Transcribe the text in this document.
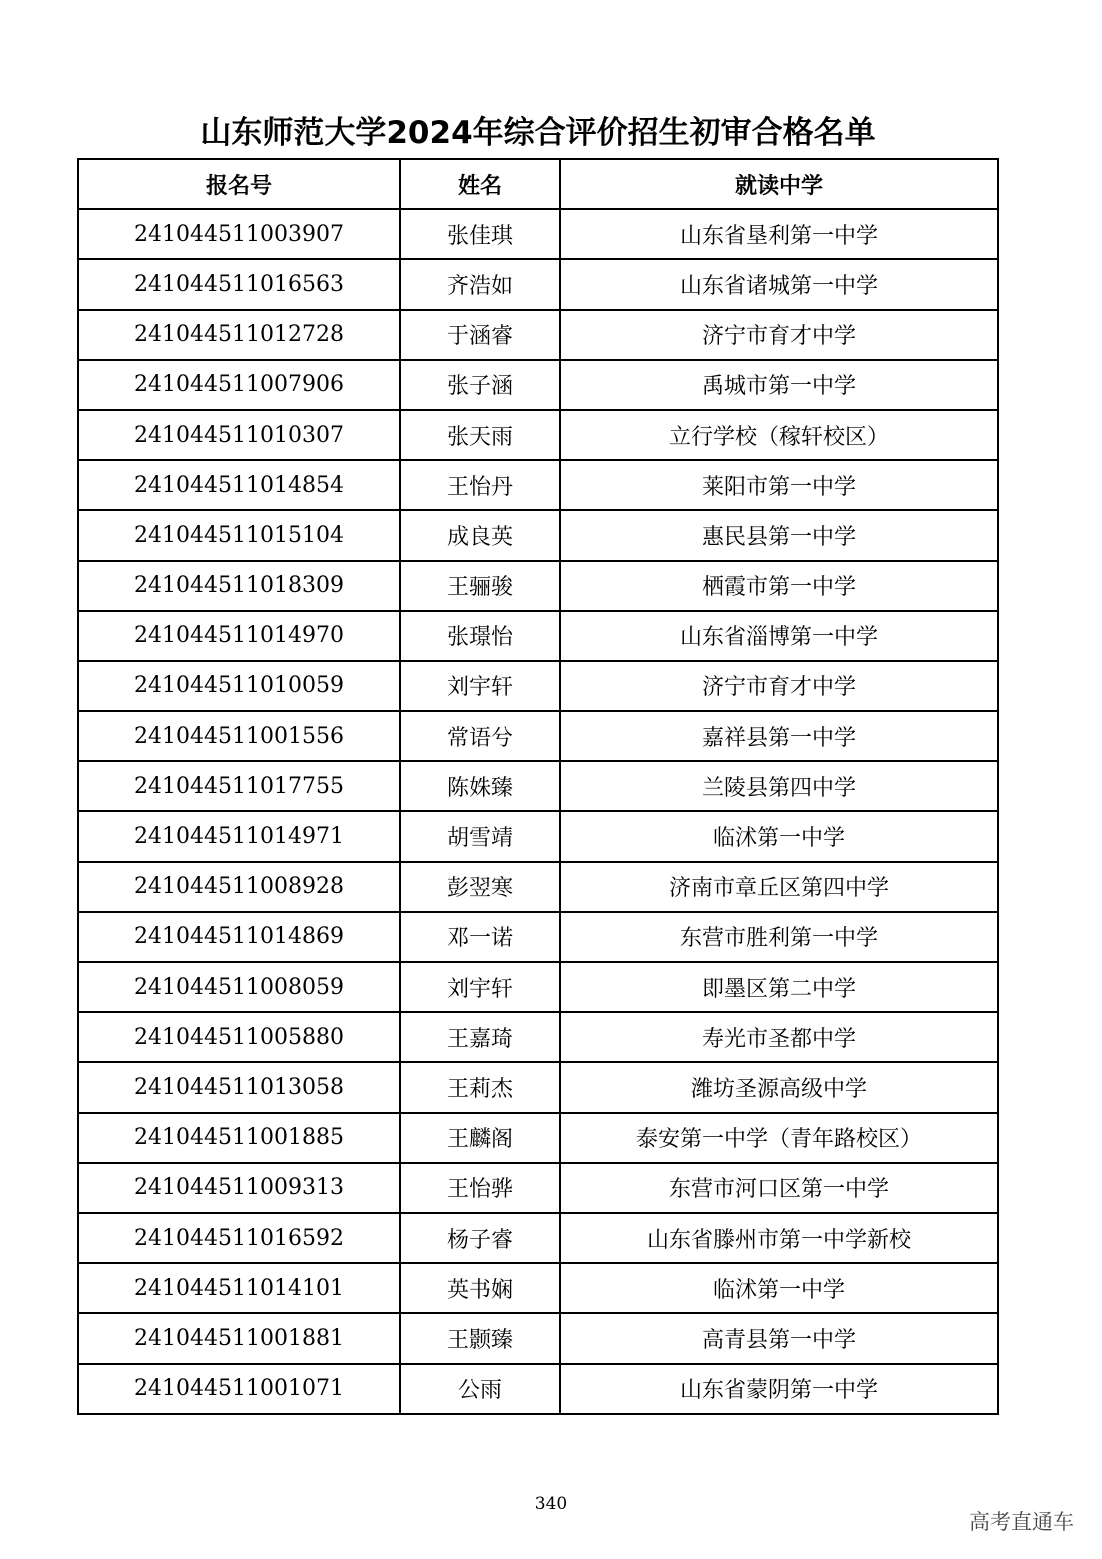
山东师范大学2024年综合评价招生初审合格名单
报名号	姓名	就读中学
241044511003907	张佳琪	山东省垦利第一中学
241044511016563	齐浩如	山东省诸城第一中学
241044511012728	于涵睿	济宁市育才中学
241044511007906	张子涵	禹城市第一中学
241044511010307	张天雨	立行学校（稼轩校区）
241044511014854	王怡丹	莱阳市第一中学
241044511015104	成良英	惠民县第一中学
241044511018309	王骊骏	栖霞市第一中学
241044511014970	张璟怡	山东省淄博第一中学
241044511010059	刘宇轩	济宁市育才中学
241044511001556	常语兮	嘉祥县第一中学
241044511017755	陈姝臻	兰陵县第四中学
241044511014971	胡雪靖	临沭第一中学
241044511008928	彭翌寒	济南市章丘区第四中学
241044511014869	邓一诺	东营市胜利第一中学
241044511008059	刘宇轩	即墨区第二中学
241044511005880	王嘉琦	寿光市圣都中学
241044511013058	王莉杰	潍坊圣源高级中学
241044511001885	王麟阁	泰安第一中学（青年路校区）
241044511009313	王怡骅	东营市河口区第一中学
241044511016592	杨子睿	山东省滕州市第一中学新校
241044511014101	英书娴	临沭第一中学
241044511001881	王颢臻	高青县第一中学
241044511001071	公雨	山东省蒙阴第一中学
340
高考直通车
